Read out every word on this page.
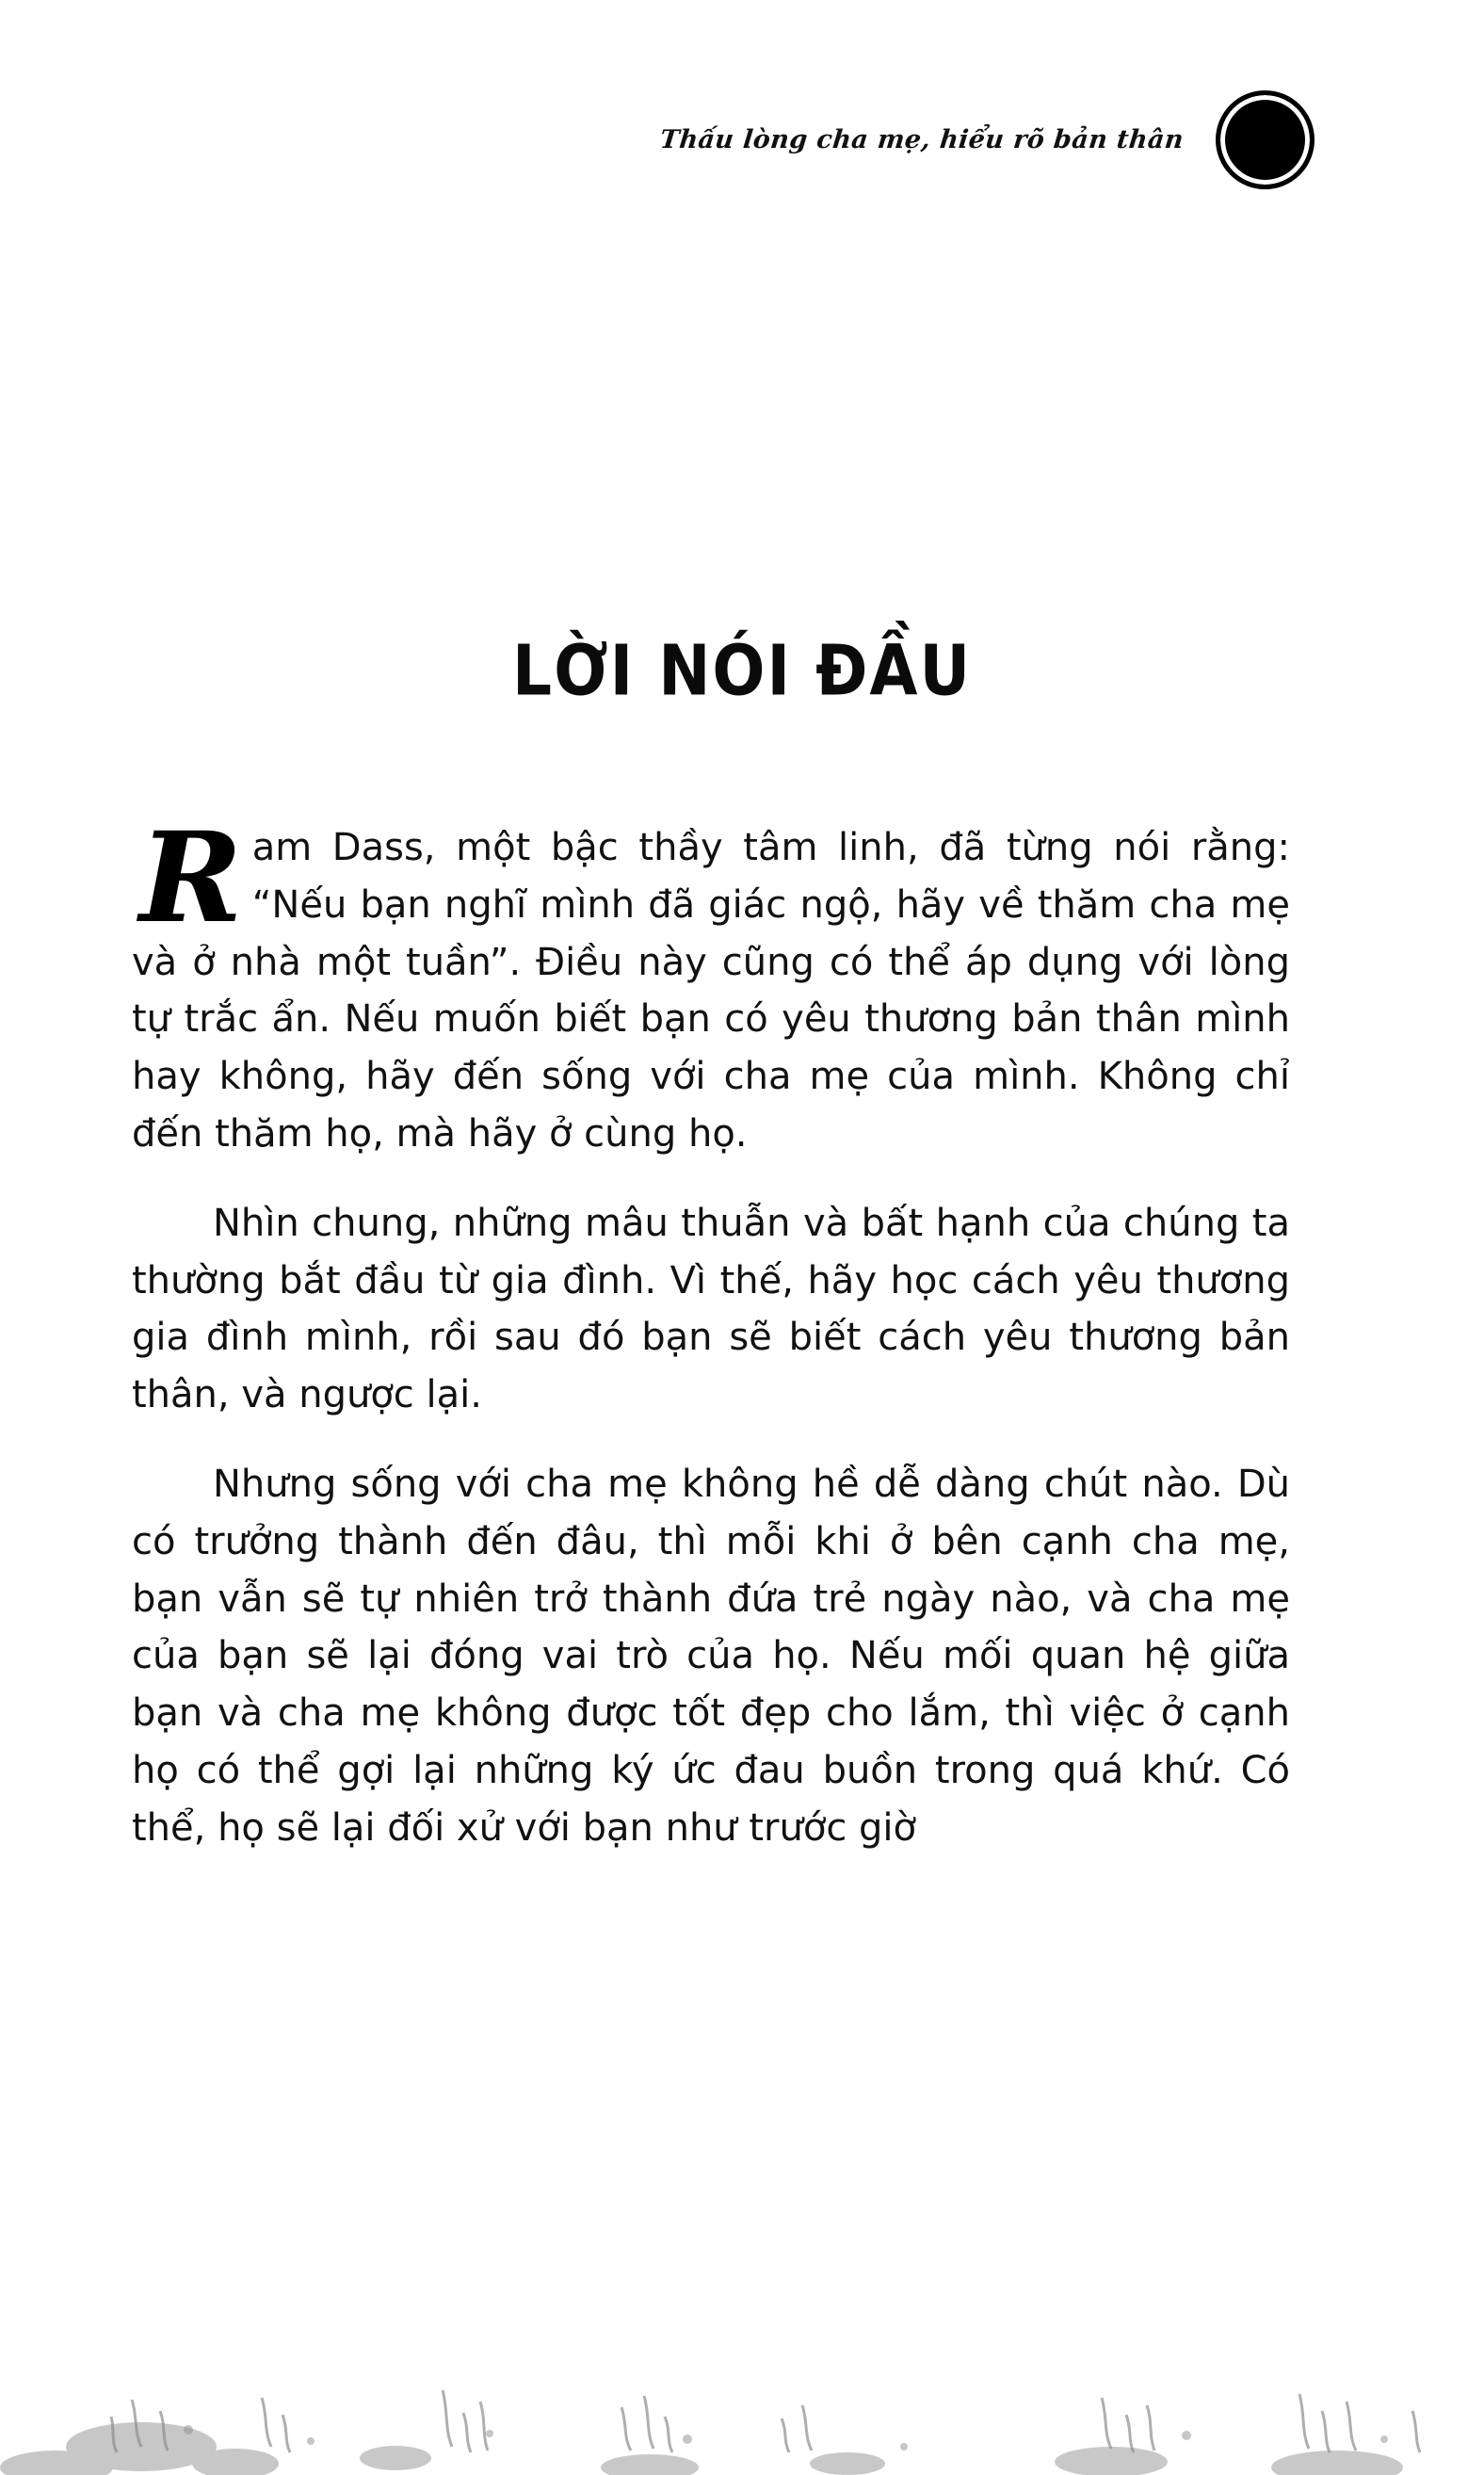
Thấu lòng cha mẹ, hiểu rõ bản thân
LỜI NÓI ĐẦU

Ram Dass, một bậc thầy tâm linh, đã từng nói rằng: “Nếu bạn nghĩ mình đã giác ngộ, hãy về thăm cha mẹ và ở nhà một tuần”. Điều này cũng có thể áp dụng với lòng tự trắc ẩn. Nếu muốn biết bạn có yêu thương bản thân mình hay không, hãy đến sống với cha mẹ của mình. Không chỉ đến thăm họ, mà hãy ở cùng họ.

Nhìn chung, những mâu thuẫn và bất hạnh của chúng ta thường bắt đầu từ gia đình. Vì thế, hãy học cách yêu thương gia đình mình, rồi sau đó bạn sẽ biết cách yêu thương bản thân, và ngược lại.

Nhưng sống với cha mẹ không hề dễ dàng chút nào. Dù có trưởng thành đến đâu, thì mỗi khi ở bên cạnh cha mẹ, bạn vẫn sẽ tự nhiên trở thành đứa trẻ ngày nào, và cha mẹ của bạn sẽ lại đóng vai trò của họ. Nếu mối quan hệ giữa bạn và cha mẹ không được tốt đẹp cho lắm, thì việc ở cạnh họ có thể gợi lại những ký ức đau buồn trong quá khứ. Có thể, họ sẽ lại đối xử với bạn như trước giờ
